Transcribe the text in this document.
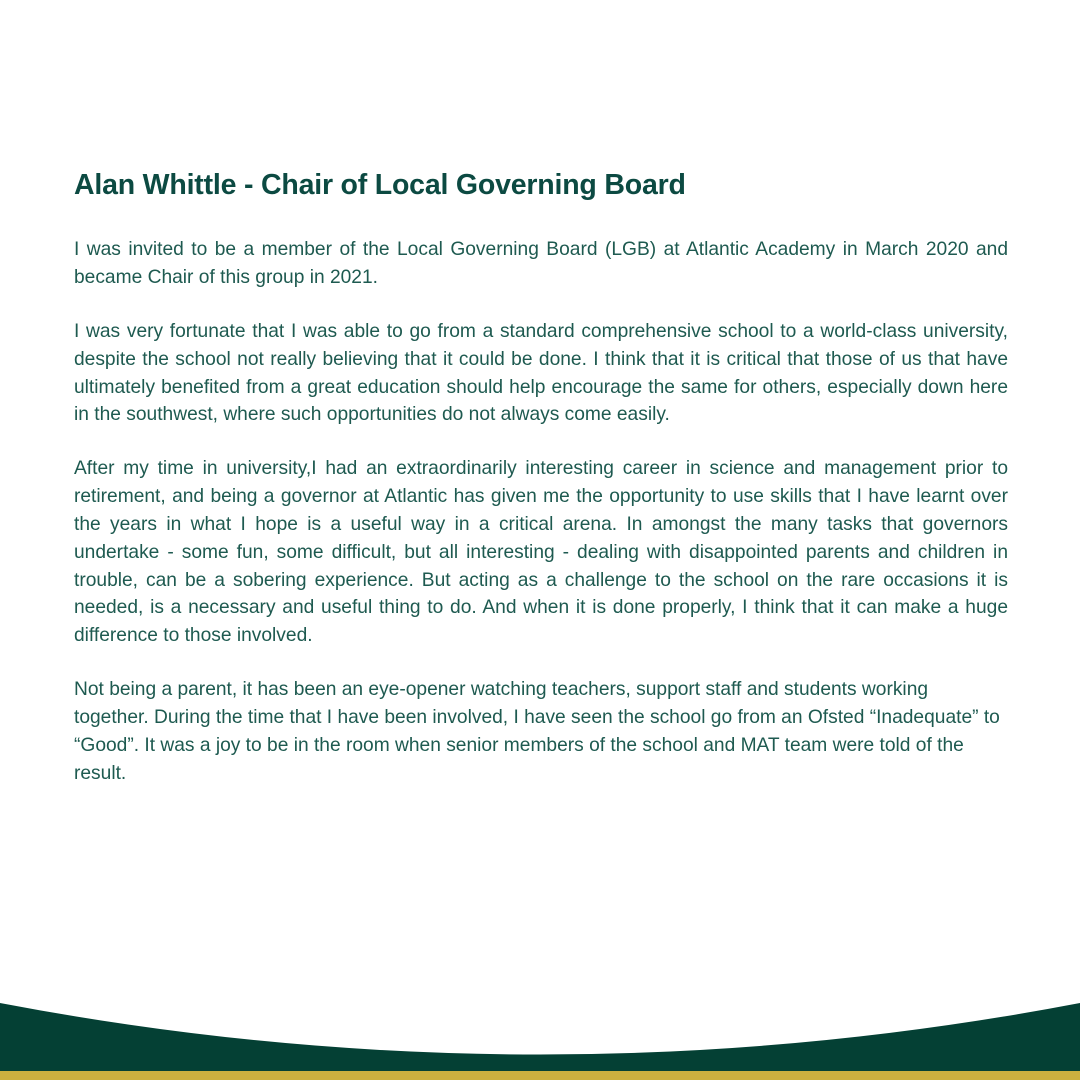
Alan Whittle - Chair of Local Governing Board

I was invited to be a member of the Local Governing Board (LGB) at Atlantic Academy in March 2020 and became Chair of this group in 2021.

I was very fortunate that I was able to go from a standard comprehensive school to a world-class university, despite the school not really believing that it could be done. I think that it is critical that those of us that have ultimately benefited from a great education should help encourage the same for others, especially down here in the southwest, where such opportunities do not always come easily.

After my time in university,I had an extraordinarily interesting career in science and management prior to retirement, and being a governor at Atlantic has given me the opportunity to use skills that I have learnt over the years in what I hope is a useful way in a critical arena. In amongst the many tasks that governors undertake - some fun, some difficult, but all interesting - dealing with disappointed parents and children in trouble, can be a sobering experience. But acting as a challenge to the school on the rare occasions it is needed, is a necessary and useful thing to do. And when it is done properly, I think that it can make a huge difference to those involved.

Not being a parent, it has been an eye-opener watching teachers, support staff and students working together. During the time that I have been involved, I have seen the school go from an Ofsted “Inadequate” to “Good”. It was a joy to be in the room when senior members of the school and MAT team were told of the result.
